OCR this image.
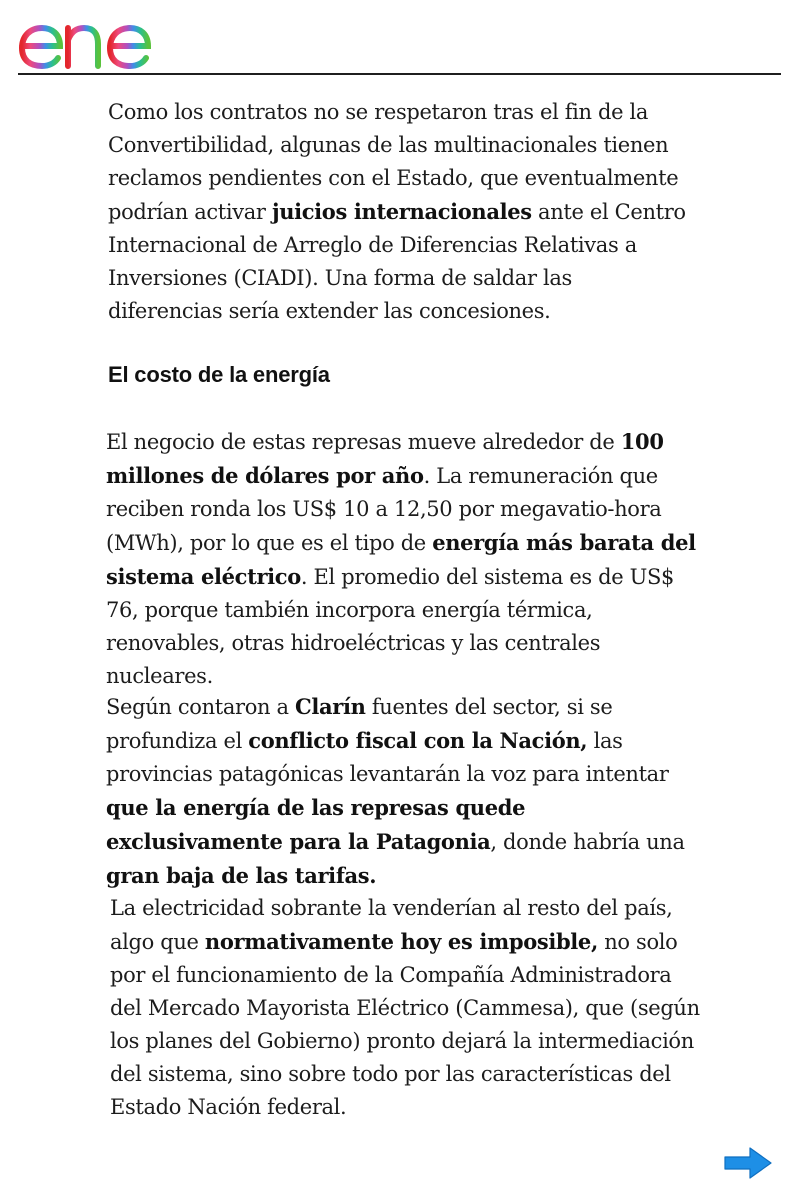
Como los contratos no se respetaron tras el fin de la Convertibilidad, algunas de las multinacionales tienen reclamos pendientes con el Estado, que eventualmente podrían activar juicios internacionales ante el Centro Internacional de Arreglo de Diferencias Relativas a Inversiones (CIADI). Una forma de saldar las diferencias sería extender las concesiones.

El costo de la energía

El negocio de estas represas mueve alrededor de 100 millones de dólares por año. La remuneración que reciben ronda los US$ 10 a 12,50 por megavatio-hora (MWh), por lo que es el tipo de energía más barata del sistema eléctrico. El promedio del sistema es de US$ 76, porque también incorpora energía térmica, renovables, otras hidroeléctricas y las centrales nucleares.

Según contaron a Clarín fuentes del sector, si se profundiza el conflicto fiscal con la Nación, las provincias patagónicas levantarán la voz para intentar que la energía de las represas quede exclusivamente para la Patagonia, donde habría una gran baja de las tarifas.

La electricidad sobrante la venderían al resto del país, algo que normativamente hoy es imposible, no solo por el funcionamiento de la Compañía Administradora del Mercado Mayorista Eléctrico (Cammesa), que (según los planes del Gobierno) pronto dejará la intermediación del sistema, sino sobre todo por las características del Estado Nación federal.
